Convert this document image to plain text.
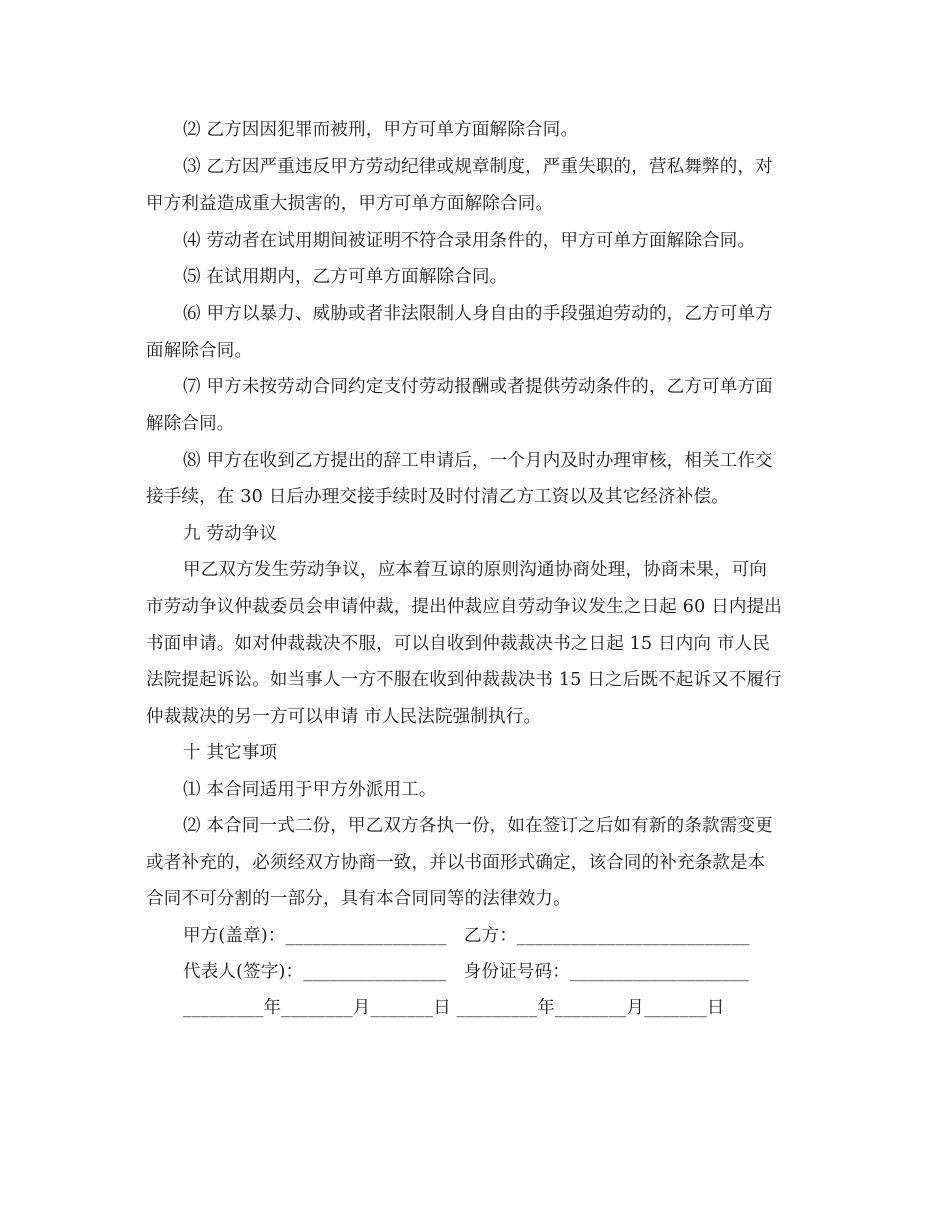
⑵ 乙方因因犯罪而被刑，甲方可单方面解除合同。
⑶ 乙方因严重违反甲方劳动纪律或规章制度，严重失职的，营私舞弊的，对
甲方利益造成重大损害的，甲方可单方面解除合同。
⑷ 劳动者在试用期间被证明不符合录用条件的，甲方可单方面解除合同。
⑸ 在试用期内，乙方可单方面解除合同。
⑹ 甲方以暴力、威胁或者非法限制人身自由的手段强迫劳动的，乙方可单方
面解除合同。
⑺ 甲方未按劳动合同约定支付劳动报酬或者提供劳动条件的，乙方可单方面
解除合同。
⑻ 甲方在收到乙方提出的辞工申请后，一个月内及时办理审核，相关工作交
接手续，在 30 日后办理交接手续时及时付清乙方工资以及其它经济补偿。
九 劳动争议
甲乙双方发生劳动争议，应本着互谅的原则沟通协商处理，协商未果，可向
市劳动争议仲裁委员会申请仲裁，提出仲裁应自劳动争议发生之日起 60 日内提出
书面申请。如对仲裁裁决不服，可以自收到仲裁裁决书之日起 15 日内向 市人民
法院提起诉讼。如当事人一方不服在收到仲裁裁决书 15 日之后既不起诉又不履行
仲裁裁决的另一方可以申请 市人民法院强制执行。
十 其它事项
⑴ 本合同适用于甲方外派用工。
⑵ 本合同一式二份，甲乙双方各执一份，如在签订之后如有新的条款需变更
或者补充的，必须经双方协商一致，并以书面形式确定，该合同的补充条款是本
合同不可分割的一部分，具有本合同同等的法律效力。
甲方(盖章)：__________________   乙方：__________________________
代表人(签字)：________________   身份证号码：____________________
_________年________月_______日 _________年________月_______日
